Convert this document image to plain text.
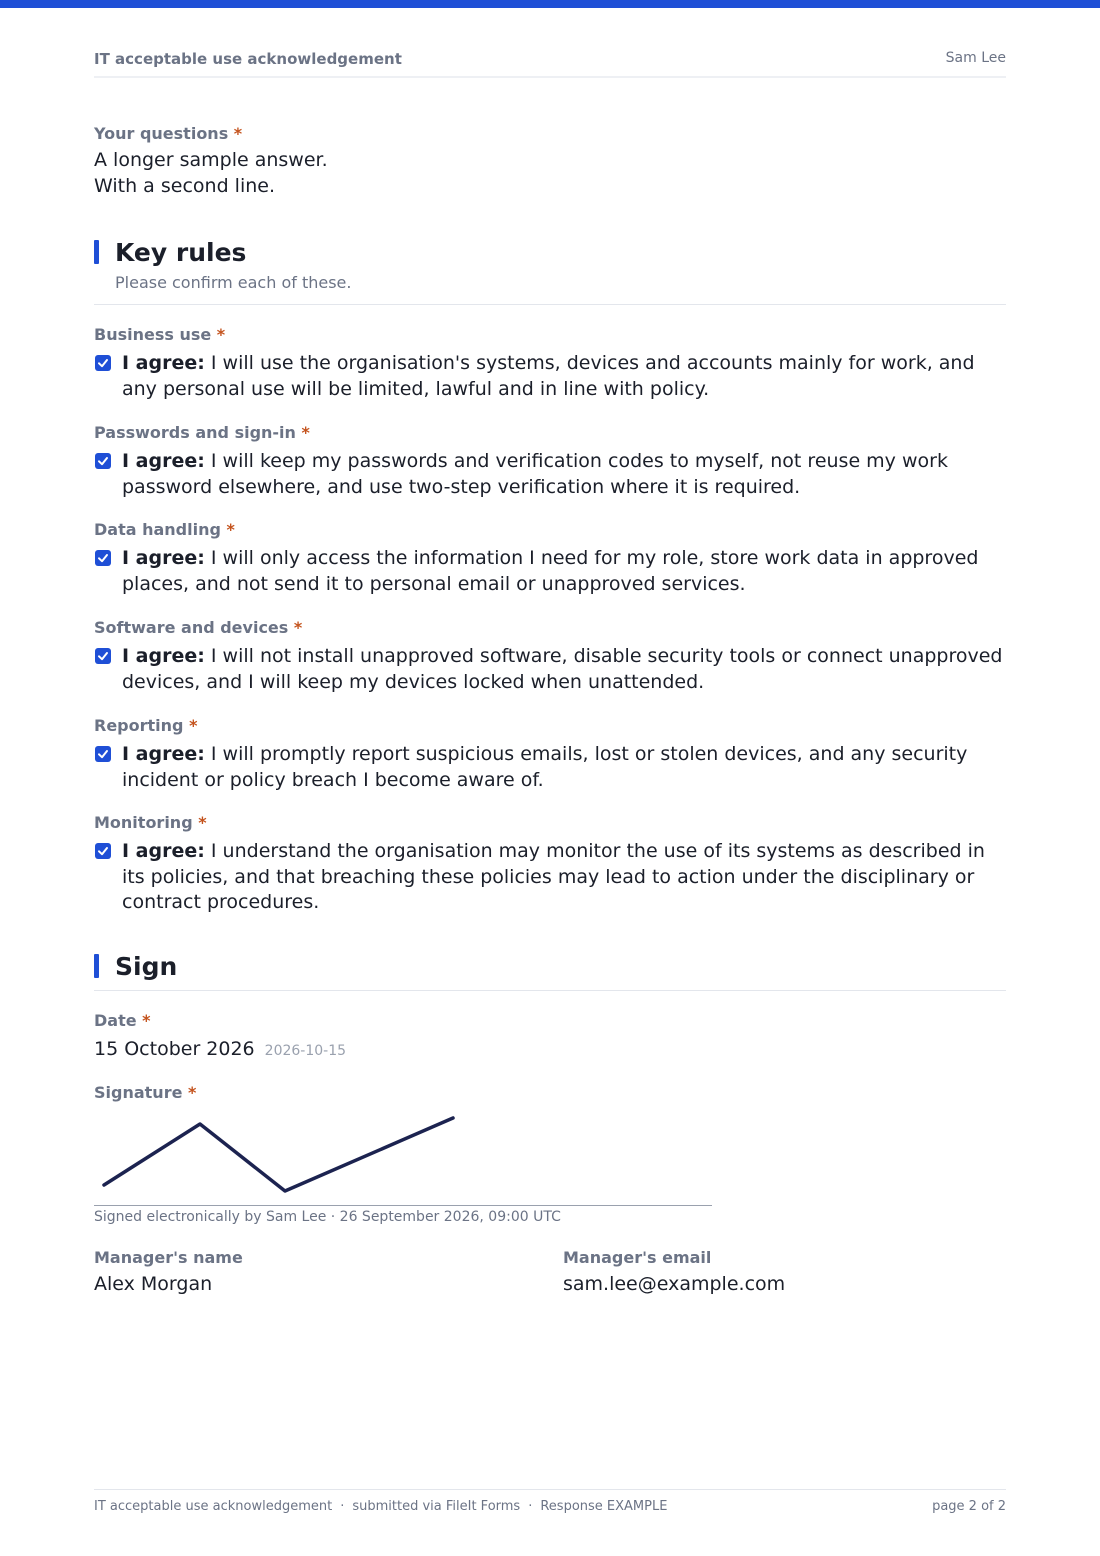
IT acceptable use acknowledgement	Sam Lee
Your questions *
A longer sample answer.
With a second line.
Key rules
Please confirm each of these.
Business use *
I agree: I will use the organisation's systems, devices and accounts mainly for work, and any personal use will be limited, lawful and in line with policy.
Passwords and sign-in *
I agree: I will keep my passwords and verification codes to myself, not reuse my work password elsewhere, and use two-step verification where it is required.
Data handling *
I agree: I will only access the information I need for my role, store work data in approved places, and not send it to personal email or unapproved services.
Software and devices *
I agree: I will not install unapproved software, disable security tools or connect unapproved devices, and I will keep my devices locked when unattended.
Reporting *
I agree: I will promptly report suspicious emails, lost or stolen devices, and any security incident or policy breach I become aware of.
Monitoring *
I agree: I understand the organisation may monitor the use of its systems as described in its policies, and that breaching these policies may lead to action under the disciplinary or contract procedures.
Sign
Date *
15 October 2026 2026-10-15
Signature *
Signed electronically by Sam Lee · 26 September 2026, 09:00 UTC
Manager's name
Alex Morgan
Manager's email
sam.lee@example.com
IT acceptable use acknowledgement · submitted via FileIt Forms · Response EXAMPLE	page 2 of 2
